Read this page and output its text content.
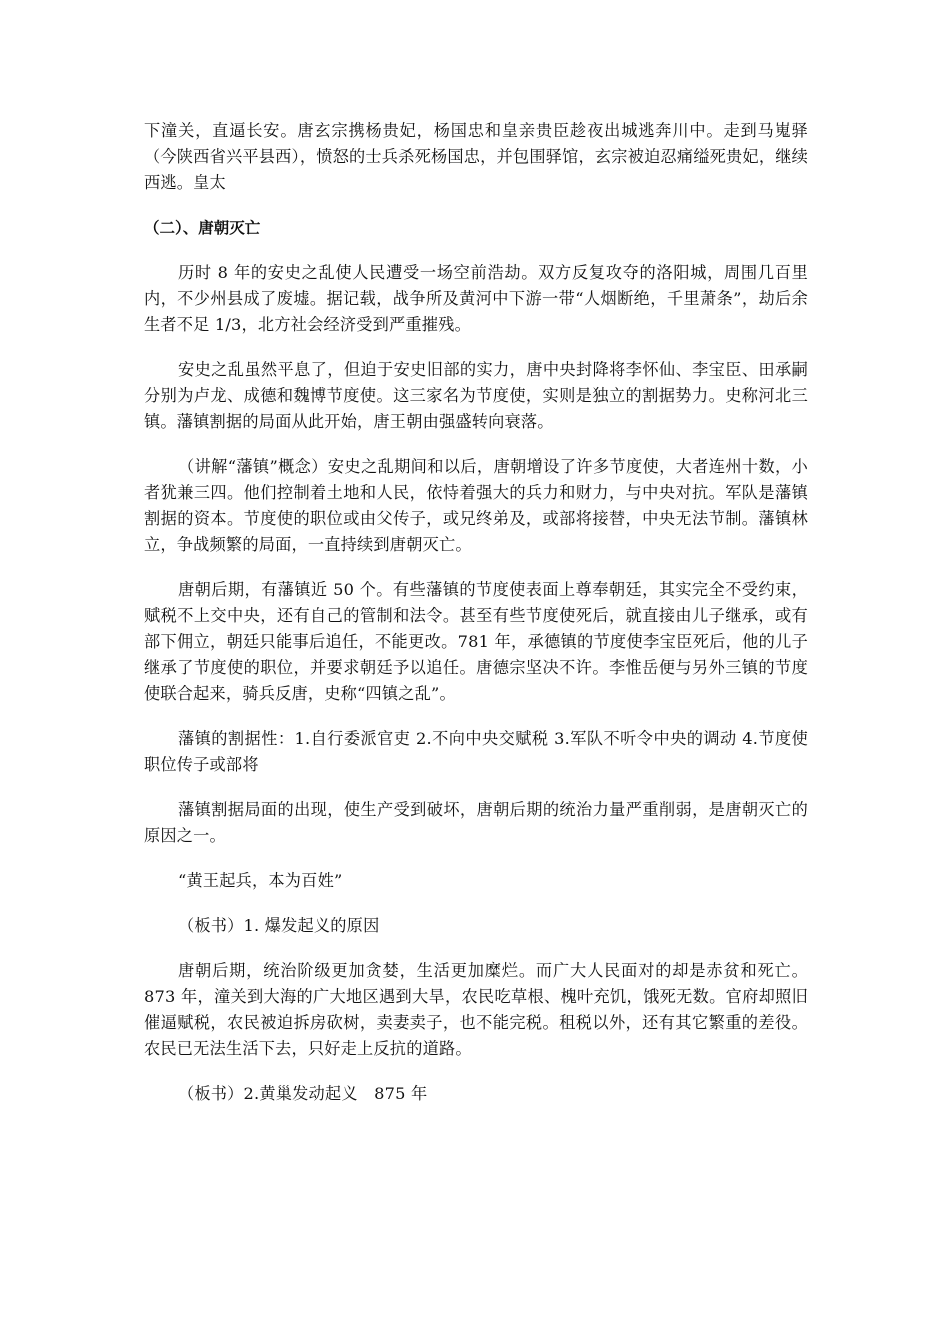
下潼关，直逼长安。唐玄宗携杨贵妃，杨国忠和皇亲贵臣趁夜出城逃奔川中。走到马嵬驿（今陕西省兴平县西），愤怒的士兵杀死杨国忠，并包围驿馆，玄宗被迫忍痛缢死贵妃，继续西逃。皇太

（二）、唐朝灭亡

历时 8 年的安史之乱使人民遭受一场空前浩劫。双方反复攻夺的洛阳城，周围几百里内，不少州县成了废墟。据记载，战争所及黄河中下游一带“人烟断绝，千里萧条”，劫后余生者不足 1/3，北方社会经济受到严重摧残。

安史之乱虽然平息了，但迫于安史旧部的实力，唐中央封降将李怀仙、李宝臣、田承嗣分别为卢龙、成德和魏博节度使。这三家名为节度使，实则是独立的割据势力。史称河北三镇。藩镇割据的局面从此开始，唐王朝由强盛转向衰落。

（讲解“藩镇”概念）安史之乱期间和以后，唐朝增设了许多节度使，大者连州十数，小者犹兼三四。他们控制着土地和人民，依恃着强大的兵力和财力，与中央对抗。军队是藩镇割据的资本。节度使的职位或由父传子，或兄终弟及，或部将接替，中央无法节制。藩镇林立，争战频繁的局面，一直持续到唐朝灭亡。

唐朝后期，有藩镇近 50 个。有些藩镇的节度使表面上尊奉朝廷，其实完全不受约束，赋税不上交中央，还有自己的管制和法令。甚至有些节度使死后，就直接由儿子继承，或有部下佣立，朝廷只能事后追任，不能更改。781 年，承德镇的节度使李宝臣死后，他的儿子继承了节度使的职位，并要求朝廷予以追任。唐德宗坚决不许。李惟岳便与另外三镇的节度使联合起来，骑兵反唐，史称“四镇之乱”。

藩镇的割据性：1.自行委派官吏 2.不向中央交赋税 3.军队不听令中央的调动 4.节度使职位传子或部将

藩镇割据局面的出现，使生产受到破坏，唐朝后期的统治力量严重削弱，是唐朝灭亡的原因之一。

“黄王起兵，本为百姓”

（板书）1. 爆发起义的原因

唐朝后期，统治阶级更加贪婪，生活更加糜烂。而广大人民面对的却是赤贫和死亡。873 年，潼关到大海的广大地区遇到大旱，农民吃草根、槐叶充饥，饿死无数。官府却照旧催逼赋税，农民被迫拆房砍树，卖妻卖子，也不能完税。租税以外，还有其它繁重的差役。农民已无法生活下去，只好走上反抗的道路。

（板书）2.黄巢发动起义　875 年
